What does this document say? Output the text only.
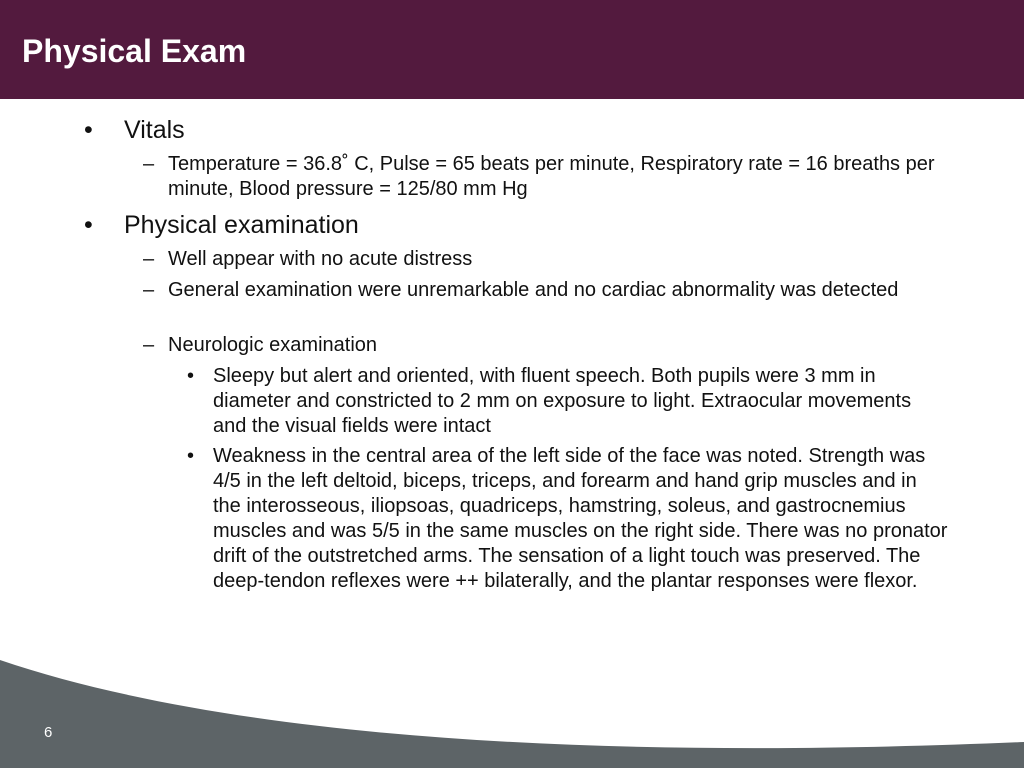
Physical Exam
• Vitals

– Temperature = 36.8˚ C, Pulse = 65 beats per minute, Respiratory rate = 16 breaths per minute, Blood pressure = 125/80 mm Hg

• Physical examination

– Well appear with no acute distress

– General examination were unremarkable and no cardiac abnormality was detected

– Neurologic examination

• Sleepy but alert and oriented, with fluent speech. Both pupils were 3 mm in diameter and constricted to 2 mm on exposure to light. Extraocular movements and the visual fields were intact

• Weakness in the central area of the left side of the face was noted. Strength was 4/5 in the left deltoid, biceps, triceps, and forearm and hand grip muscles and in the interosseous, iliopsoas, quadriceps, hamstring, soleus, and gastrocnemius muscles and was 5/5 in the same muscles on the right side. There was no pronator drift of the outstretched arms. The sensation of a light touch was preserved. The deep-tendon reflexes were ++ bilaterally, and the plantar responses were flexor.

6
